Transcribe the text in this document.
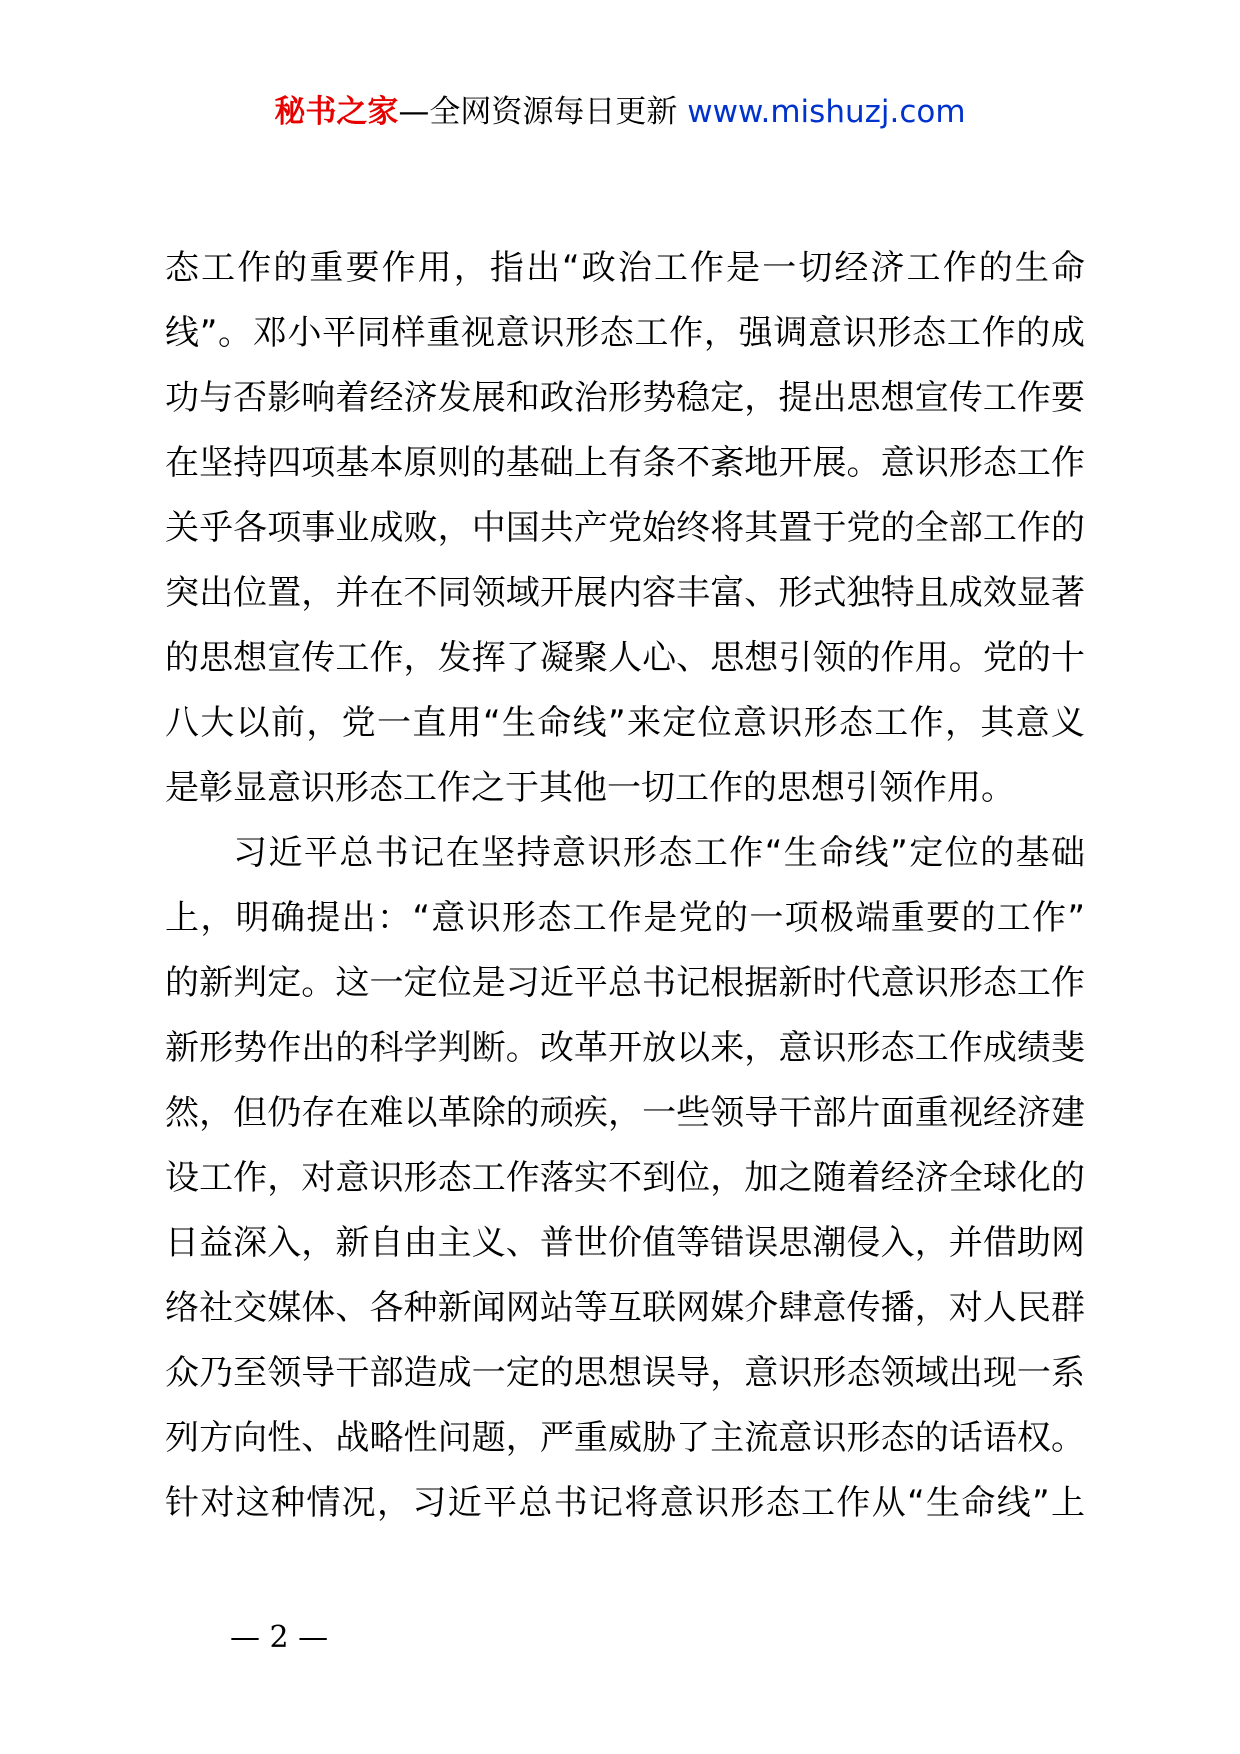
秘书之家—全网资源每日更新 www.mishuzj.com
态工作的重要作用，指出“政治工作是一切经济工作的生命
线”。邓小平同样重视意识形态工作，强调意识形态工作的成
功与否影响着经济发展和政治形势稳定，提出思想宣传工作要
在坚持四项基本原则的基础上有条不紊地开展。意识形态工作
关乎各项事业成败，中国共产党始终将其置于党的全部工作的
突出位置，并在不同领域开展内容丰富、形式独特且成效显著
的思想宣传工作，发挥了凝聚人心、思想引领的作用。党的十
八大以前，党一直用“生命线”来定位意识形态工作，其意义
是彰显意识形态工作之于其他一切工作的思想引领作用。
习近平总书记在坚持意识形态工作“生命线”定位的基础
上，明确提出：“意识形态工作是党的一项极端重要的工作”
的新判定。这一定位是习近平总书记根据新时代意识形态工作
新形势作出的科学判断。改革开放以来，意识形态工作成绩斐
然，但仍存在难以革除的顽疾，一些领导干部片面重视经济建
设工作，对意识形态工作落实不到位，加之随着经济全球化的
日益深入，新自由主义、普世价值等错误思潮侵入，并借助网
络社交媒体、各种新闻网站等互联网媒介肆意传播，对人民群
众乃至领导干部造成一定的思想误导，意识形态领域出现一系
列方向性、战略性问题，严重威胁了主流意识形态的话语权。
针对这种情况，习近平总书记将意识形态工作从“生命线”上
— 2 —
